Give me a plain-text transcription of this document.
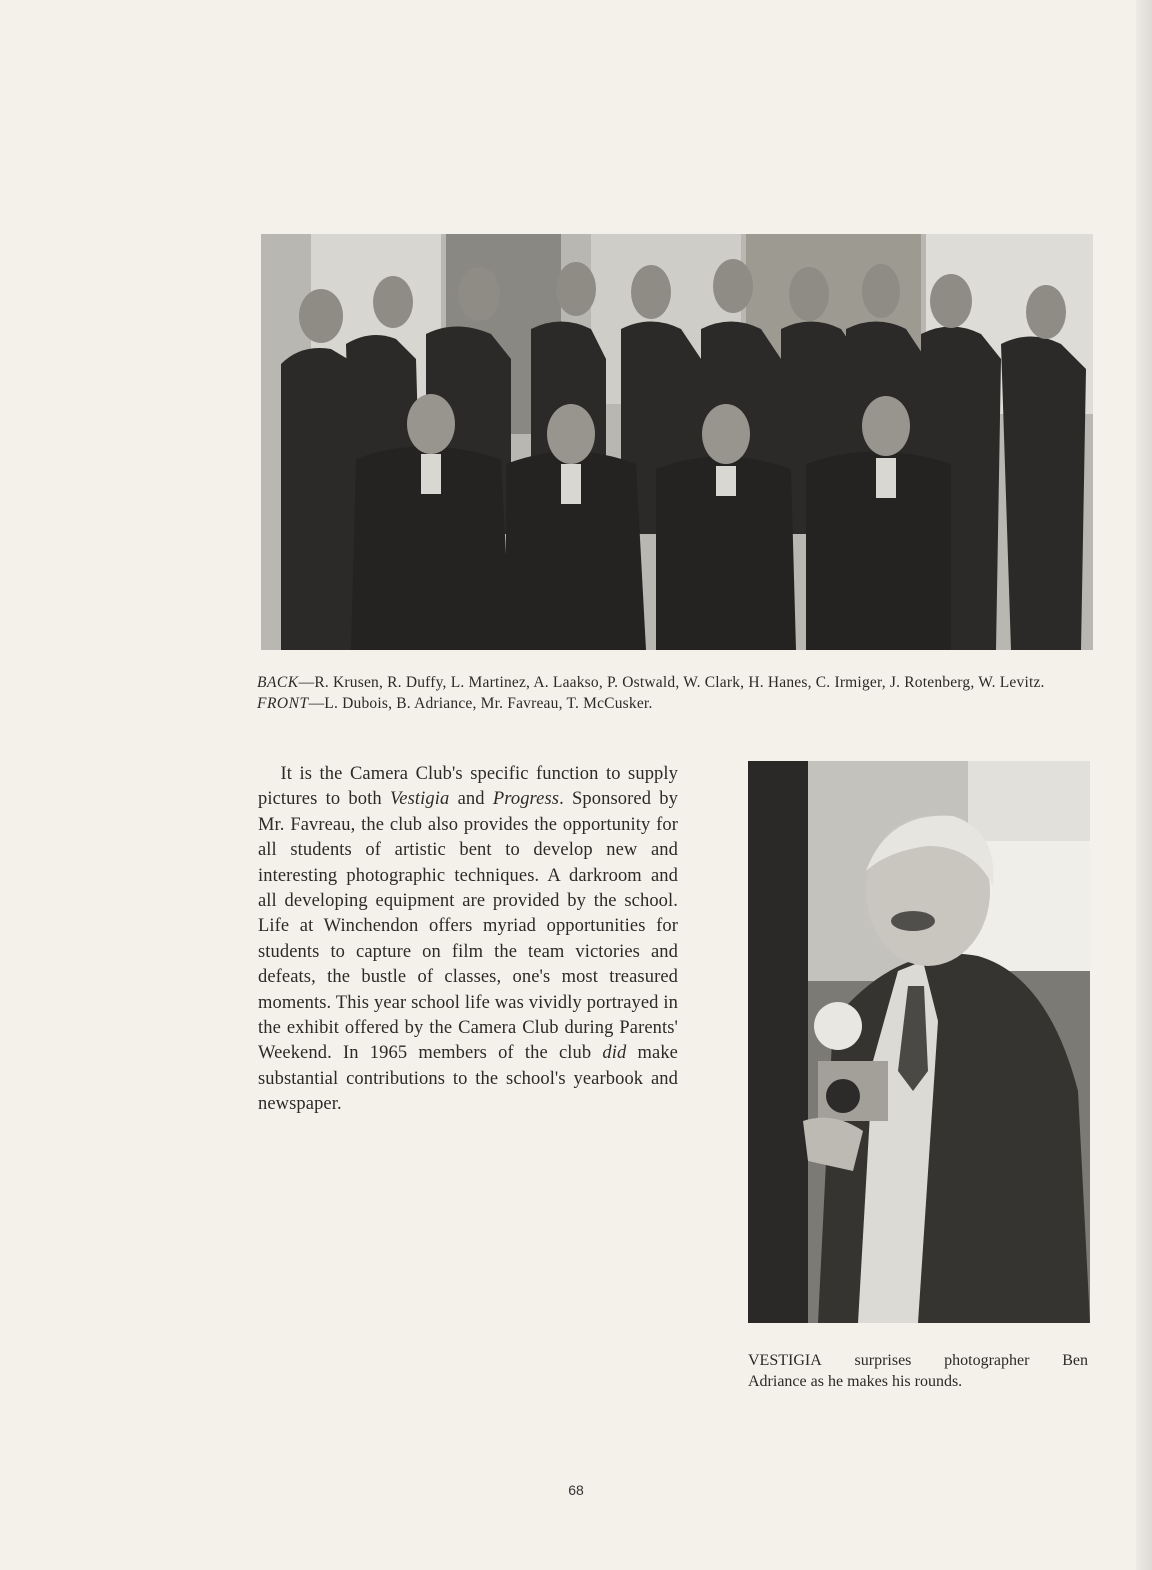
BACK—R. Krusen, R. Duffy, L. Martinez, A. Laakso, P. Ostwald, W. Clark, H. Hanes, C. Irmiger, J. Rotenberg, W. Levitz. FRONT—L. Dubois, B. Adriance, Mr. Favreau, T. McCusker.
It is the Camera Club's specific function to supply pictures to both Vestigia and Progress. Sponsored by Mr. Favreau, the club also provides the opportunity for all students of artistic bent to develop new and interesting photographic techniques. A darkroom and all developing equipment are provided by the school. Life at Winchendon offers myriad opportunities for students to capture on film the team victories and defeats, the bustle of classes, one's most treasured moments. This year school life was vividly portrayed in the exhibit offered by the Camera Club during Parents' Weekend. In 1965 members of the club did make substantial contributions to the school's yearbook and newspaper.
VESTIGIA surprises photographer Ben
Adriance as he makes his rounds.
68
